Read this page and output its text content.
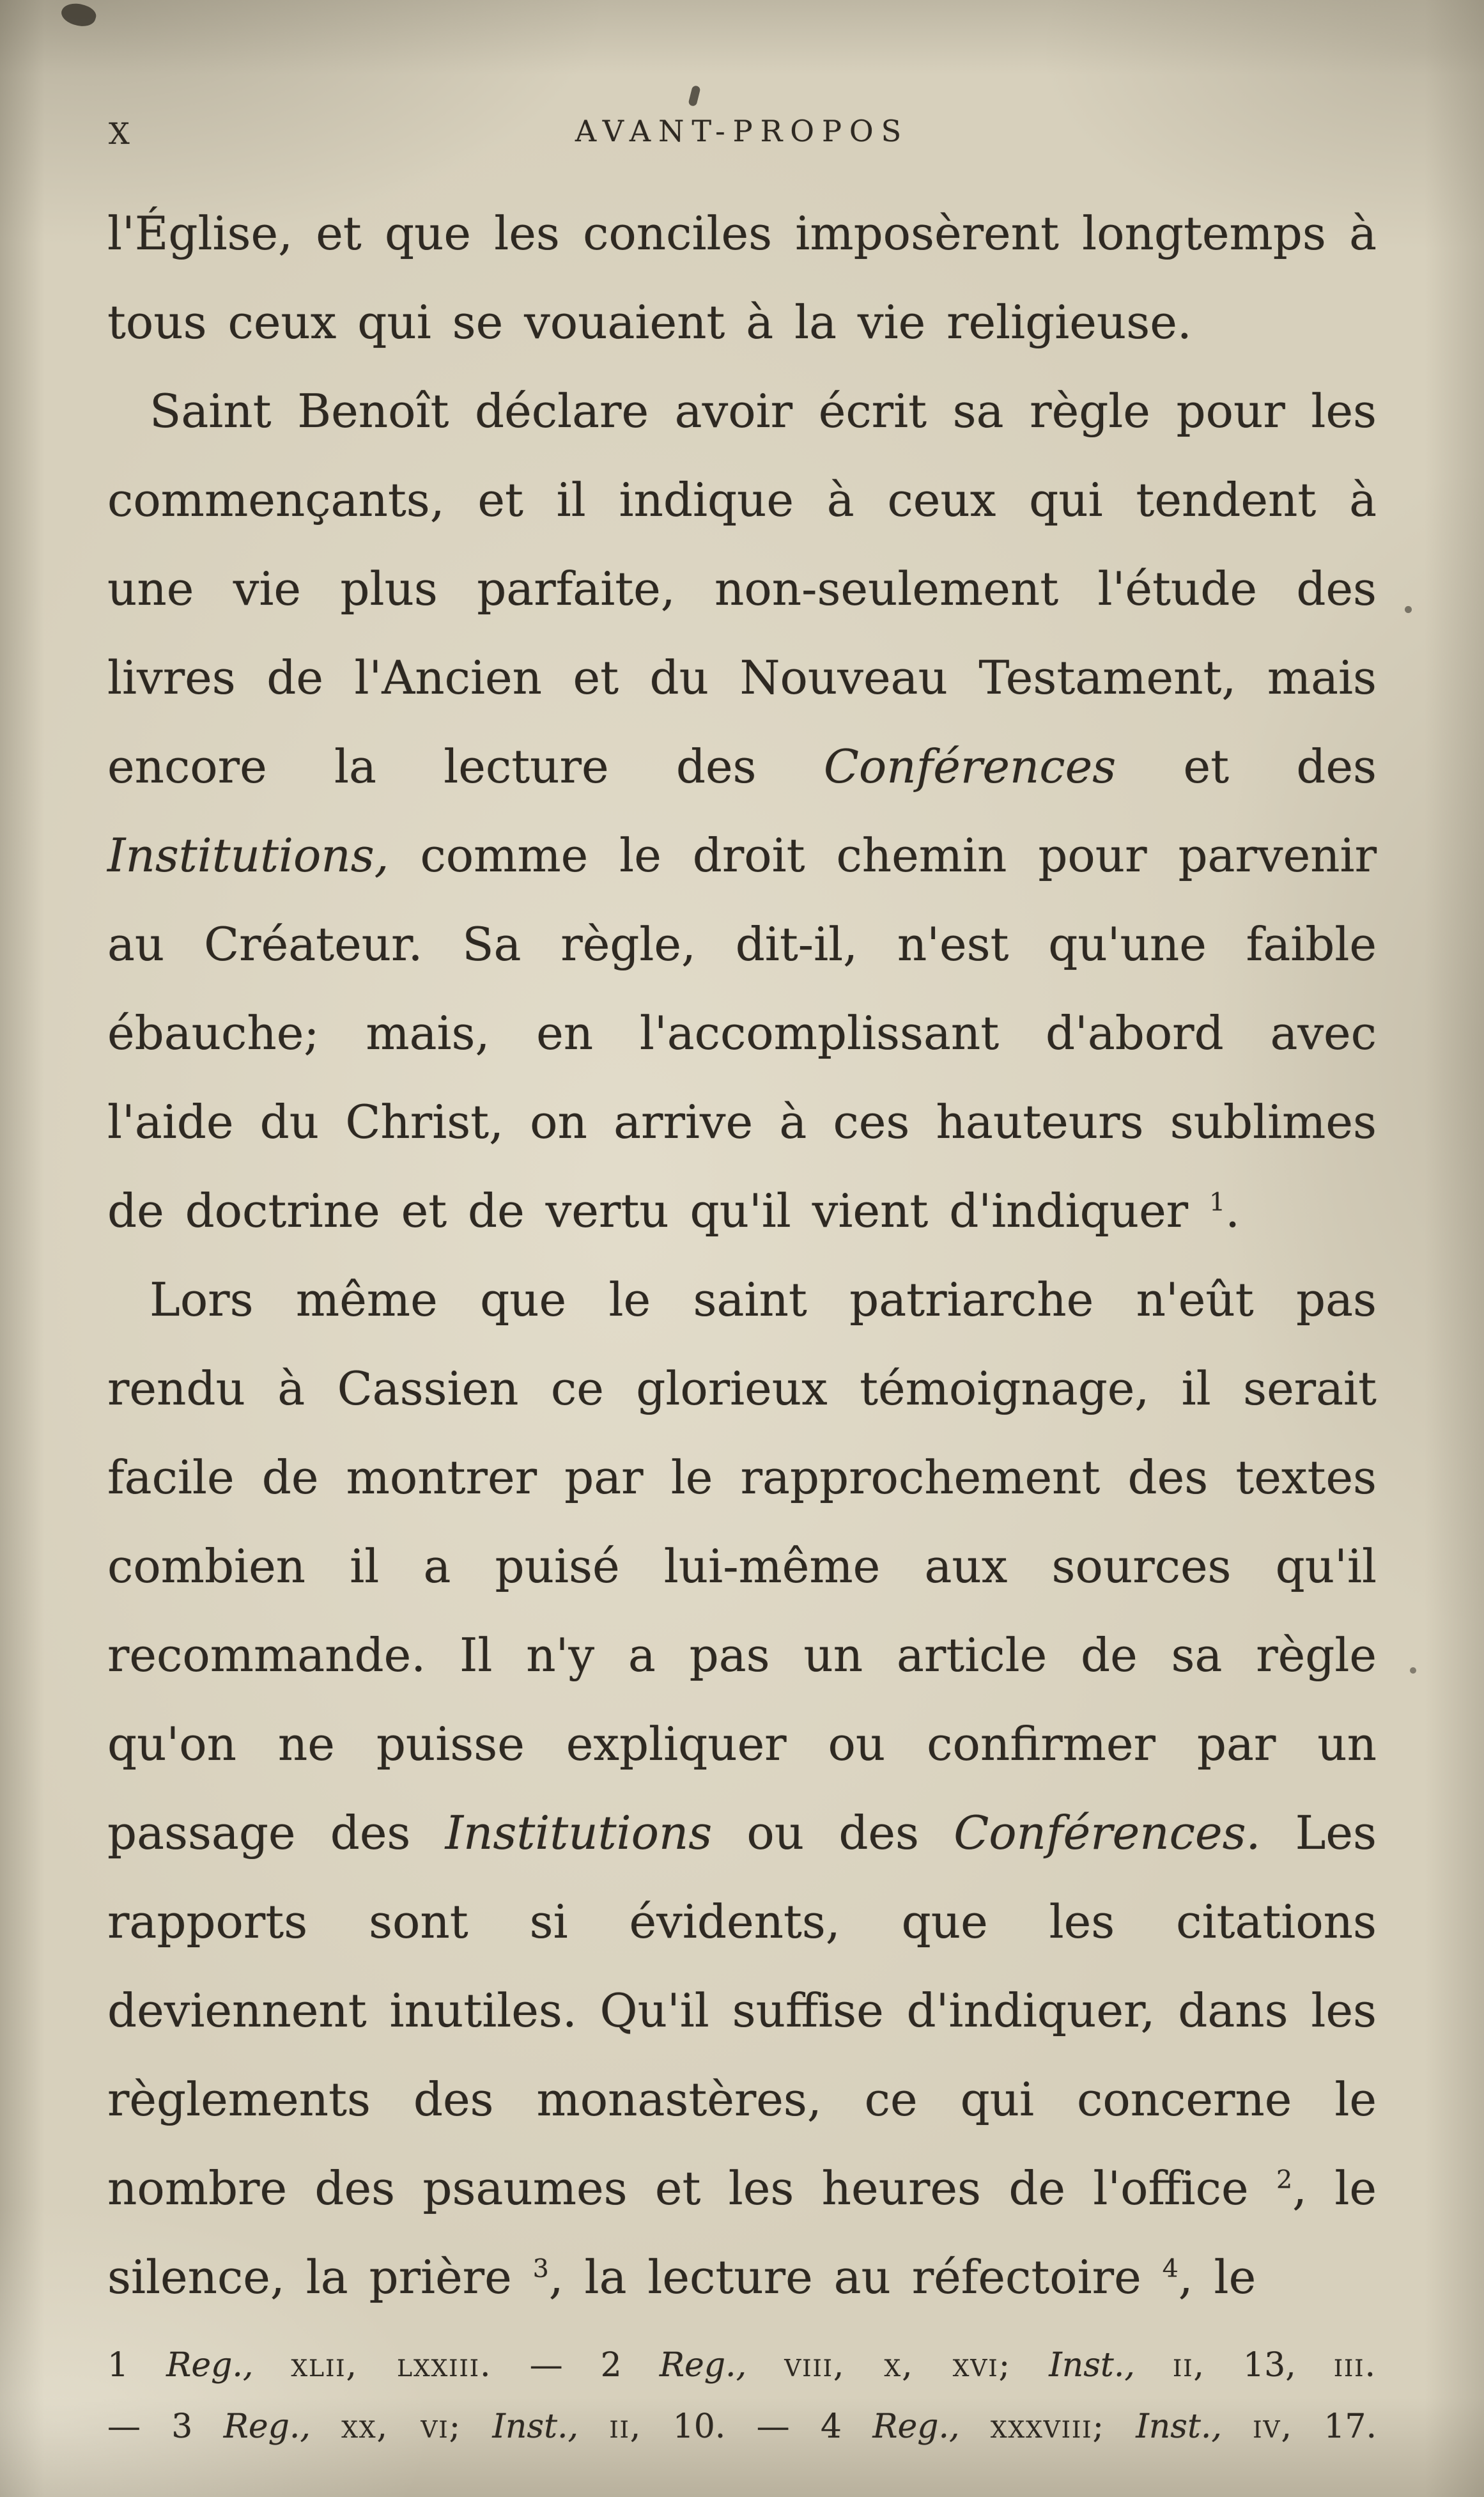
X	AVANT-PROPOS

l'Église, et que les conciles imposèrent longtemps à tous ceux qui se vouaient à la vie religieuse.

Saint Benoît déclare avoir écrit sa règle pour les commençants, et il indique à ceux qui tendent à une vie plus parfaite, non-seulement l'étude des livres de l'Ancien et du Nouveau Testament, mais encore la lecture des Conférences et des Institutions, comme le droit chemin pour parvenir au Créateur. Sa règle, dit-il, n'est qu'une faible ébauche; mais, en l'accomplissant d'abord avec l'aide du Christ, on arrive à ces hauteurs sublimes de doctrine et de vertu qu'il vient d'indiquer $^1$.

Lors même que le saint patriarche n'eût pas rendu à Cassien ce glorieux témoignage, il serait facile de montrer par le rapprochement des textes combien il a puisé lui-même aux sources qu'il recommande. Il n'y a pas un article de sa règle qu'on ne puisse expliquer ou confirmer par un passage des Institutions ou des Conférences. Les rapports sont si évidents, que les citations deviennent inutiles. Qu'il suffise d'indiquer, dans les règlements des monastères, ce qui concerne le nombre des psaumes et les heures de l'office $^2$, le silence, la prière $^3$, la lecture au réfectoire $^4$, le

1 Reg., xlii, lxxiii. — 2 Reg., viii, x, xvi; Inst., ii, 13, iii.
— 3 Reg., xx, vi; Inst., ii, 10. — 4 Reg., xxxviii; Inst., iv, 17.
